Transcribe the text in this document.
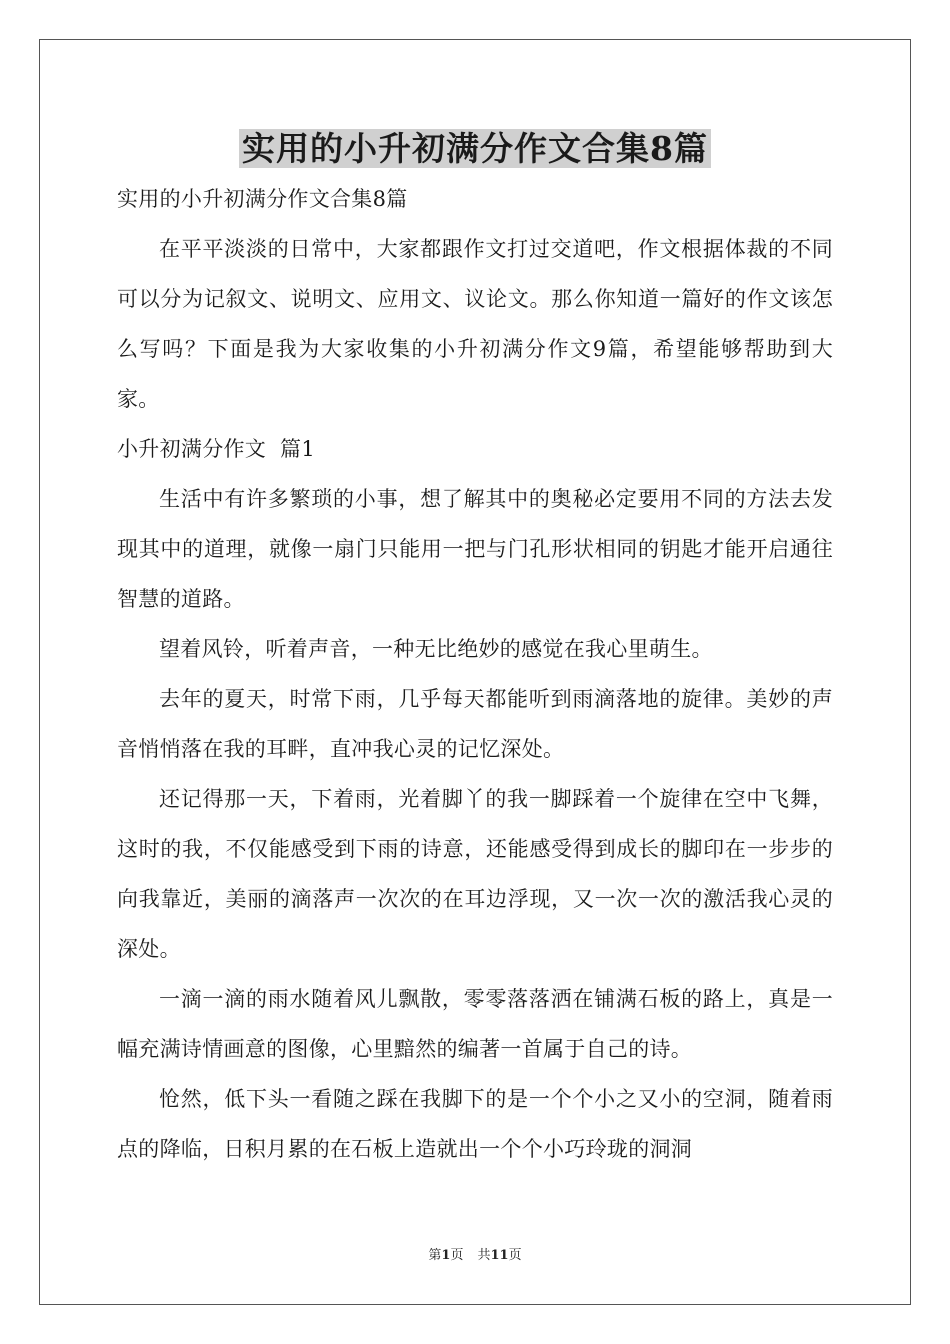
实用的小升初满分作文合集8篇

实用的小升初满分作文合集8篇

在平平淡淡的日常中，大家都跟作文打过交道吧，作文根据体裁的不同可以分为记叙文、说明文、应用文、议论文。那么你知道一篇好的作文该怎么写吗？下面是我为大家收集的小升初满分作文9篇，希望能够帮助到大家。

小升初满分作文  篇1

生活中有许多繁琐的小事，想了解其中的奥秘必定要用不同的方法去发现其中的道理，就像一扇门只能用一把与门孔形状相同的钥匙才能开启通往智慧的道路。

望着风铃，听着声音，一种无比绝妙的感觉在我心里萌生。

去年的夏天，时常下雨，几乎每天都能听到雨滴落地的旋律。美妙的声音悄悄落在我的耳畔，直冲我心灵的记忆深处。

还记得那一天，下着雨，光着脚丫的我一脚踩着一个旋律在空中飞舞，这时的我，不仅能感受到下雨的诗意，还能感受得到成长的脚印在一步步的向我靠近，美丽的滴落声一次次的在耳边浮现，又一次一次的激活我心灵的深处。

一滴一滴的雨水随着风儿飘散，零零落落洒在铺满石板的路上，真是一幅充满诗情画意的图像，心里黯然的编著一首属于自己的诗。

怆然，低下头一看随之踩在我脚下的是一个个小之又小的空洞，随着雨点的降临，日积月累的在石板上造就出一个个小巧玲珑的洞洞

第1页 共11页
